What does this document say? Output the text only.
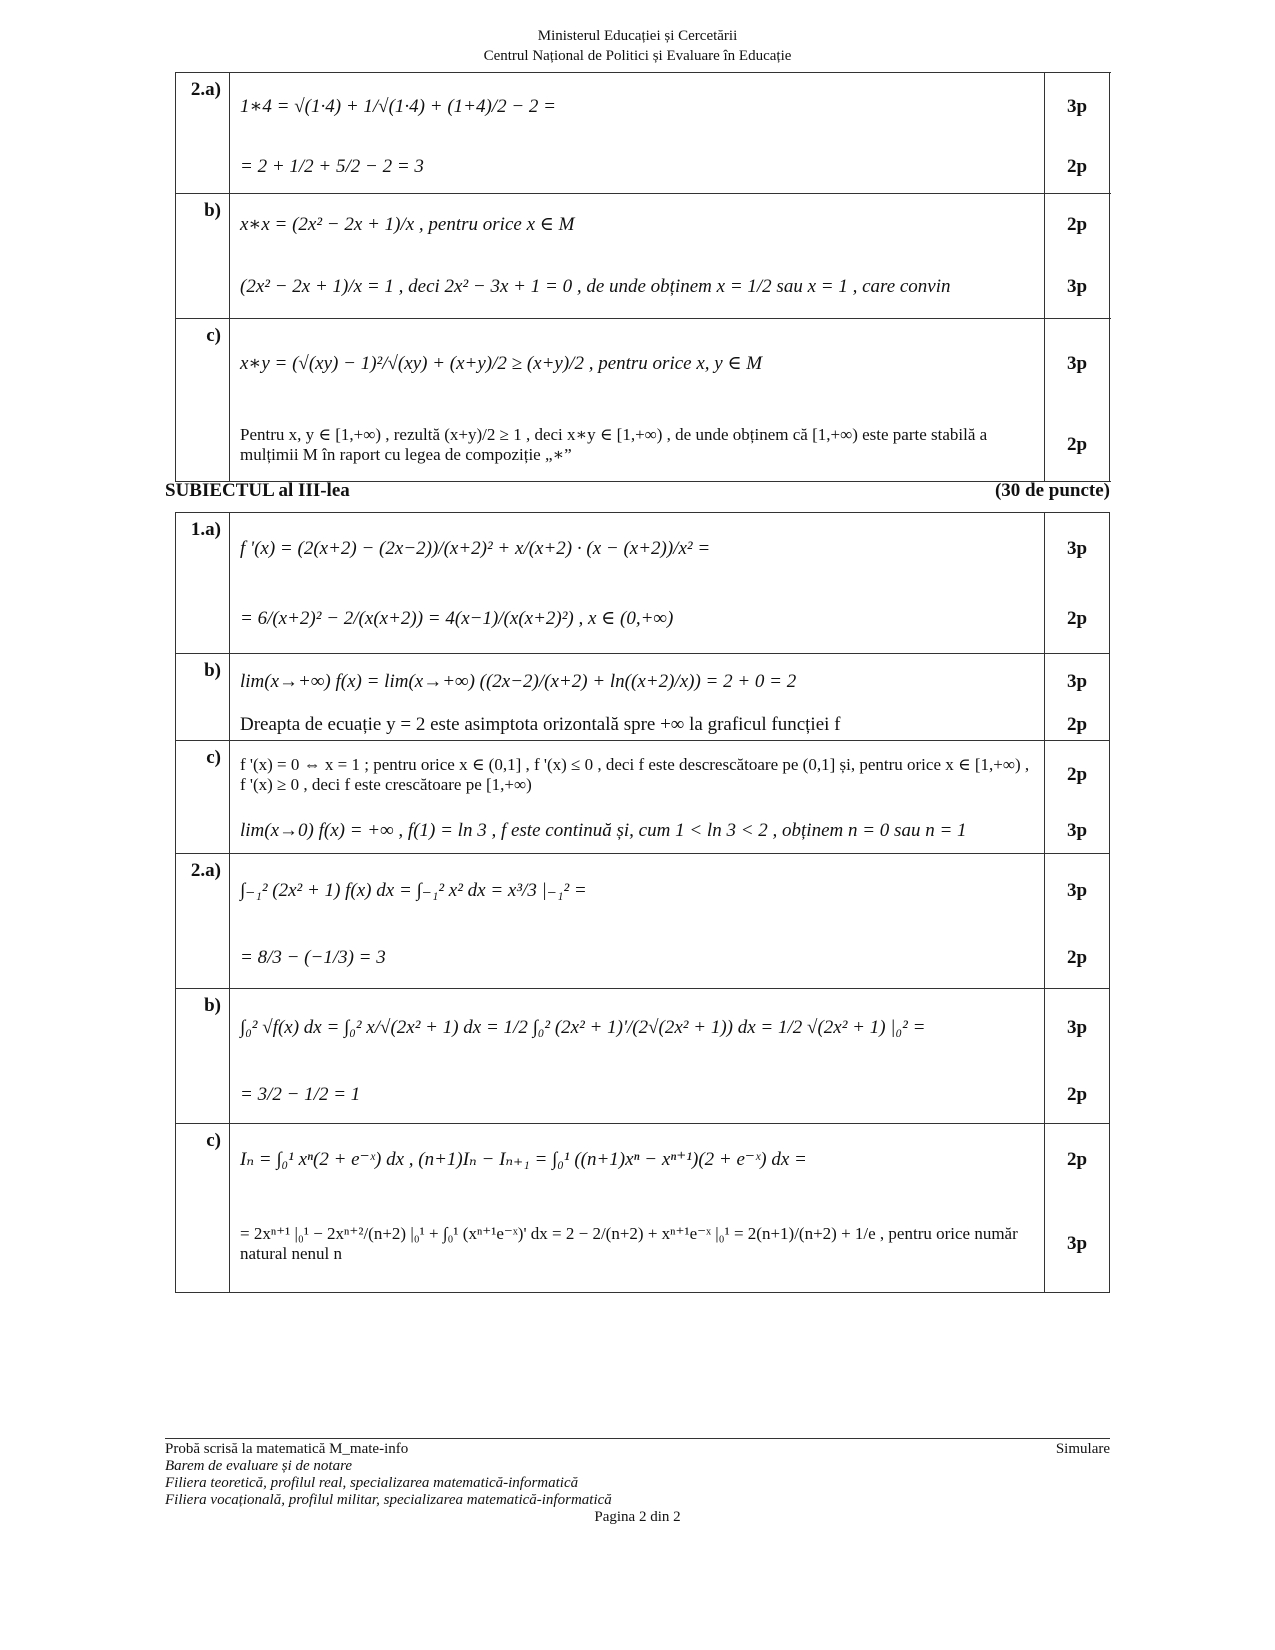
Ministerul Educației și Cercetării
Centrul Național de Politici și Evaluare în Educație
2.a)	1∗4 = √(1·4) + 1/√(1·4) + (1+4)/2 − 2 = 3p
= 2 + 1/2 + 5/2 − 2 = 3 2p

b)	x∗x = (2x² − 2x + 1)/x , pentru orice x ∈ M 2p
(2x² − 2x + 1)/x = 1 , deci 2x² − 3x + 1 = 0 , de unde obținem x = 1/2 sau x = 1 , care convin 3p

c)	x∗y = (√(xy) − 1)²/√(xy) + (x+y)/2 ≥ (x+y)/2 , pentru orice x, y ∈ M 3p
Pentru x, y ∈ [1,+∞) , rezultă (x+y)/2 ≥ 1 , deci x∗y ∈ [1,+∞) , de unde obținem că [1,+∞) este parte stabilă a mulțimii M în raport cu legea de compoziție „∗” 2p
SUBIECTUL al III-lea	(30 de puncte)
1.a)	f '(x) = (2(x+2) − (2x−2))/(x+2)² + x/(x+2) · (x − (x+2))/x² = 3p
= 6/(x+2)² − 2/(x(x+2)) = 4(x−1)/(x(x+2)²) , x ∈ (0,+∞) 2p

b)	lim(x→+∞) f(x) = lim(x→+∞) ((2x−2)/(x+2) + ln((x+2)/x)) = 2 + 0 = 2 3p
Dreapta de ecuație y = 2 este asimptota orizontală spre +∞ la graficul funcției f 2p

c)	f '(x) = 0 ⇔ x = 1 ; pentru orice x ∈ (0,1] , f '(x) ≤ 0 , deci f este descrescătoare pe (0,1] și, pentru orice x ∈ [1,+∞) , f '(x) ≥ 0 , deci f este crescătoare pe [1,+∞) 2p
lim(x→0) f(x) = +∞ , f(1) = ln 3 , f este continuă și, cum 1 < ln 3 < 2 , obținem n = 0 sau n = 1 3p

2.a)	∫₋₁² (2x² + 1) f(x) dx = ∫₋₁² x² dx = x³/3 |₋₁² = 3p
= 8/3 − (−1/3) = 3 2p

b)	∫₀² √f(x) dx = ∫₀² x/√(2x² + 1) dx = 1/2 ∫₀² (2x² + 1)'/(2√(2x² + 1)) dx = 1/2 √(2x² + 1) |₀² = 3p
= 3/2 − 1/2 = 1 2p

c)	Iₙ = ∫₀¹ xⁿ(2 + e⁻ˣ) dx , (n+1)Iₙ − Iₙ₊₁ = ∫₀¹ ((n+1)xⁿ − xⁿ⁺¹)(2 + e⁻ˣ) dx = 2p
= 2xⁿ⁺¹ |₀¹ − 2xⁿ⁺²/(n+2) |₀¹ + ∫₀¹ (xⁿ⁺¹e⁻ˣ)' dx = 2 − 2/(n+2) + xⁿ⁺¹e⁻ˣ |₀¹ = 2(n+1)/(n+2) + 1/e , pentru orice număr natural nenul n 3p
Probă scrisă la matematică M_mate-info	Simulare
Barem de evaluare și de notare
Filiera teoretică, profilul real, specializarea matematică-informatică
Filiera vocațională, profilul militar, specializarea matematică-informatică
Pagina 2 din 2
